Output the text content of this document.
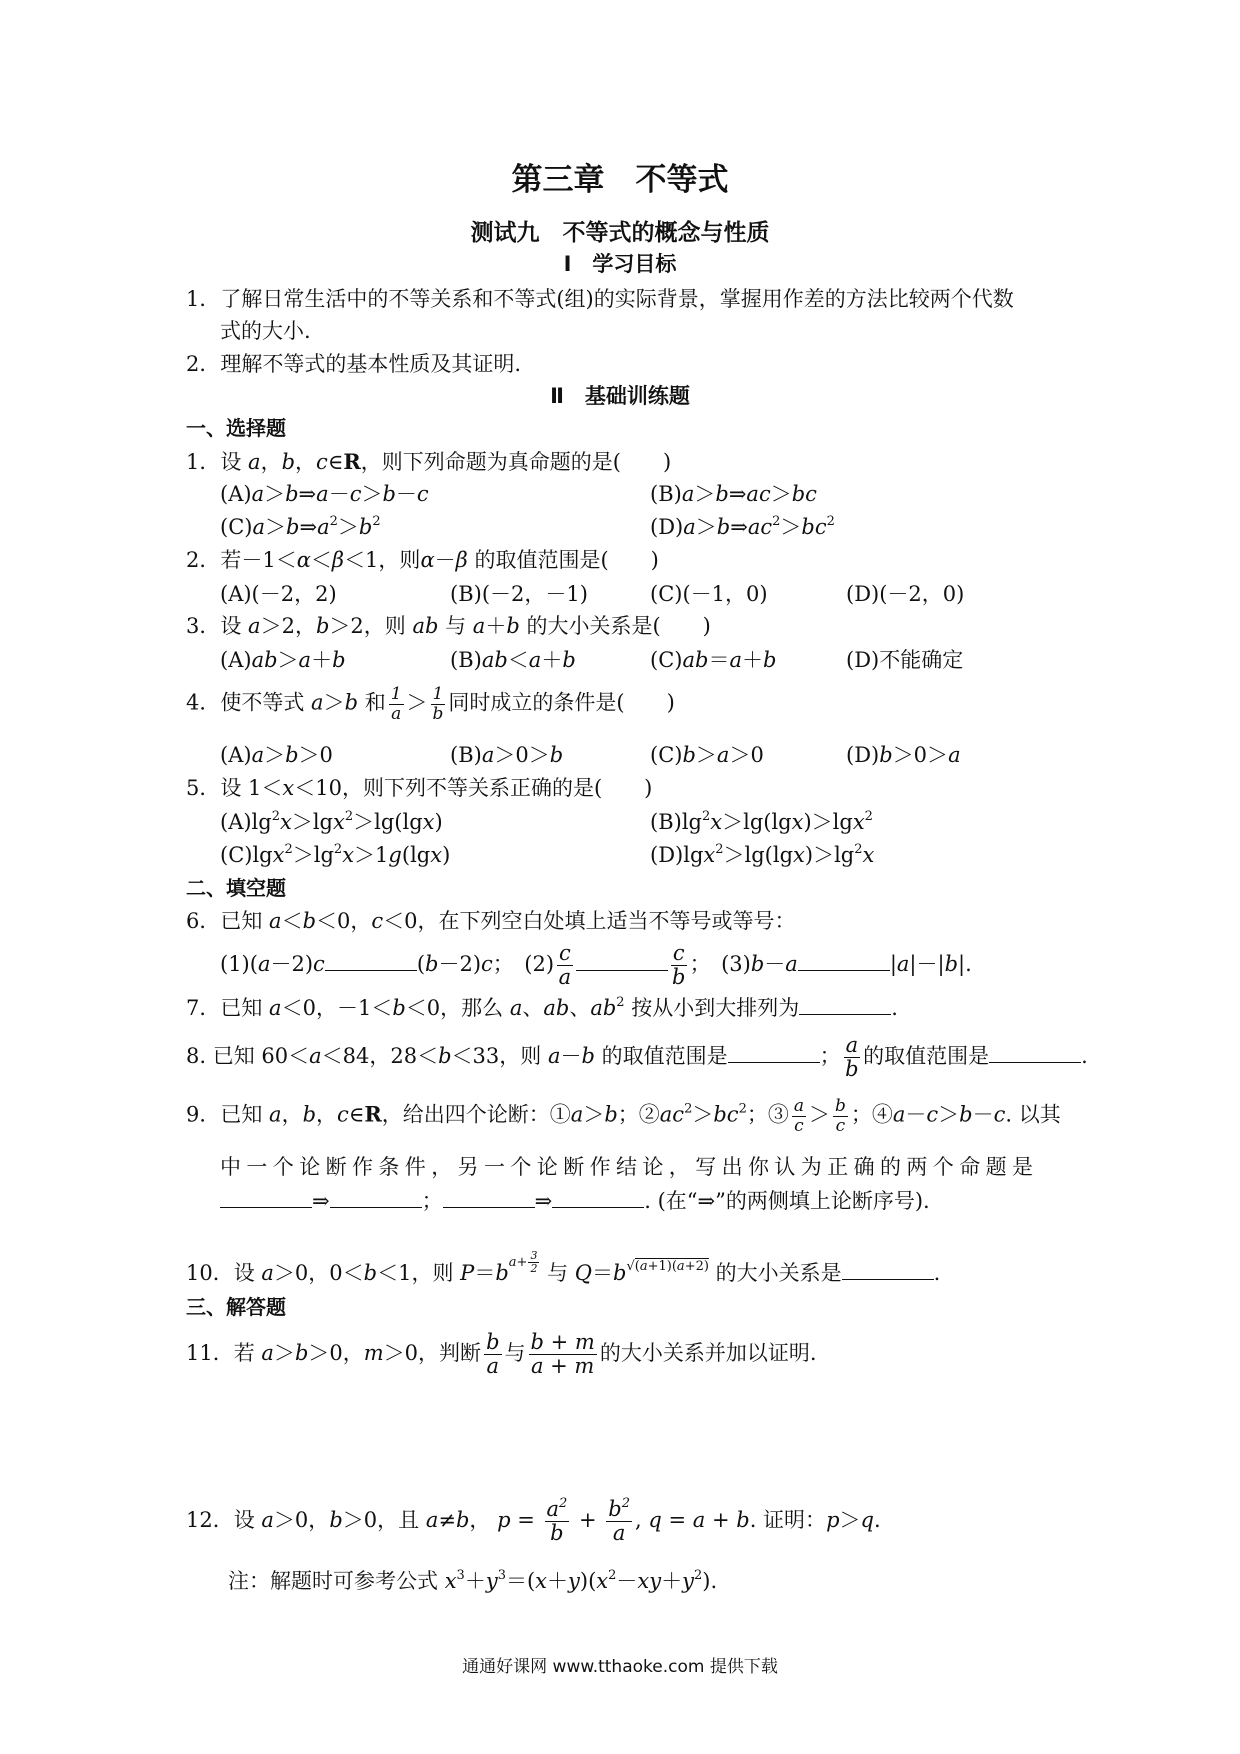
第三章　不等式
测试九　不等式的概念与性质
Ⅰ　学习目标
1．了解日常生活中的不等关系和不等式(组)的实际背景，掌握用作差的方法比较两个代数
式的大小.
2．理解不等式的基本性质及其证明.
Ⅱ　基础训练题
一、选择题
1．设 a，b，c∈R，则下列命题为真命题的是(　　)
(A)a＞b⇒a－c＞b－c	(B)a＞b⇒ac＞bc
$(C)a>b\Rightarrow a^2>b^2$	$(D)a>b\Rightarrow ac^2>bc^2$
2．若－1＜α＜β＜1，则α－β 的取值范围是(　　)
(A)(－2，2)	(B)(－2，－1)	(C)(－1，0)	(D)(－2，0)
3．设 a＞2，b＞2，则 ab 与 a＋b 的大小关系是(　　)
(A)ab＞a＋b	(B)ab＜a＋b	(C)ab＝a＋b	(D)不能确定
4．使不等式 a＞b 和 $\frac{1}{a} > \frac{1}{b}$ 同时成立的条件是(　　)
(A)a＞b＞0	(B)a＞0＞b	(C)b＞a＞0	(D)b＞0＞a
5．设 1＜x＜10，则下列不等关系正确的是(　　)
$(A)\lg^2x>\lg x^2>\lg(\lg x)$	$(B)\lg^2x>\lg(\lg x)>\lg x^2$
$(C)\lg x^2>\lg^2x>1g(\lg x)$	$(D)\lg x^2>\lg(\lg x)>\lg^2x$
二、填空题
6．已知 a＜b＜0，c＜0，在下列空白处填上适当不等号或等号：
(1)(a－2)c	(b－2)c；　$(2) \frac{c}{a}$	$\frac{c}{b}$ ；　(3)b－a	|a|－|b|.
7．已知 a＜0，－1＜b＜0，那么 a、ab、$ab^2$ 按从小到大排列为	.
8. 已知 60＜a＜84，28＜b＜33，则 a－b 的取值范围是	； $\frac{a}{b}$ 的取值范围是	.
9．已知 a，b，c∈R，给出四个论断：①a＞b；$②ac^2>bc^2$；③ $\frac{a}{c} > \frac{b}{c}$ ；④a－c＞b－c. 以其
中一个论断作条件，另一个论断作结论，写出你认为正确的两个命题是
⇒	；	⇒	. (在“⇒”的两侧填上论断序号).
10．设 a＞0，0＜b＜1，则 $P=b^{a+ \frac{3}{2}}$ 与 $Q=b^{√(a+1)(a+2)}$ 的大小关系是	.
三、解答题
11．若 a＞b＞0，m＞0，判断 $\frac{b}{a}$ 与 $\frac{b + m}{a + m}$ 的大小关系并加以证明.
12．设 a＞0，b＞0，且 a≠b， $p = \frac{a^2}{b} + \frac{b^2}{a}$ , q = a + b. 证明：p＞q.
注：解题时可参考公式 $x^3+y^3=(x+y)(x^2-xy+y^2)$.
通通好课网 www.tthaoke.com 提供下载
